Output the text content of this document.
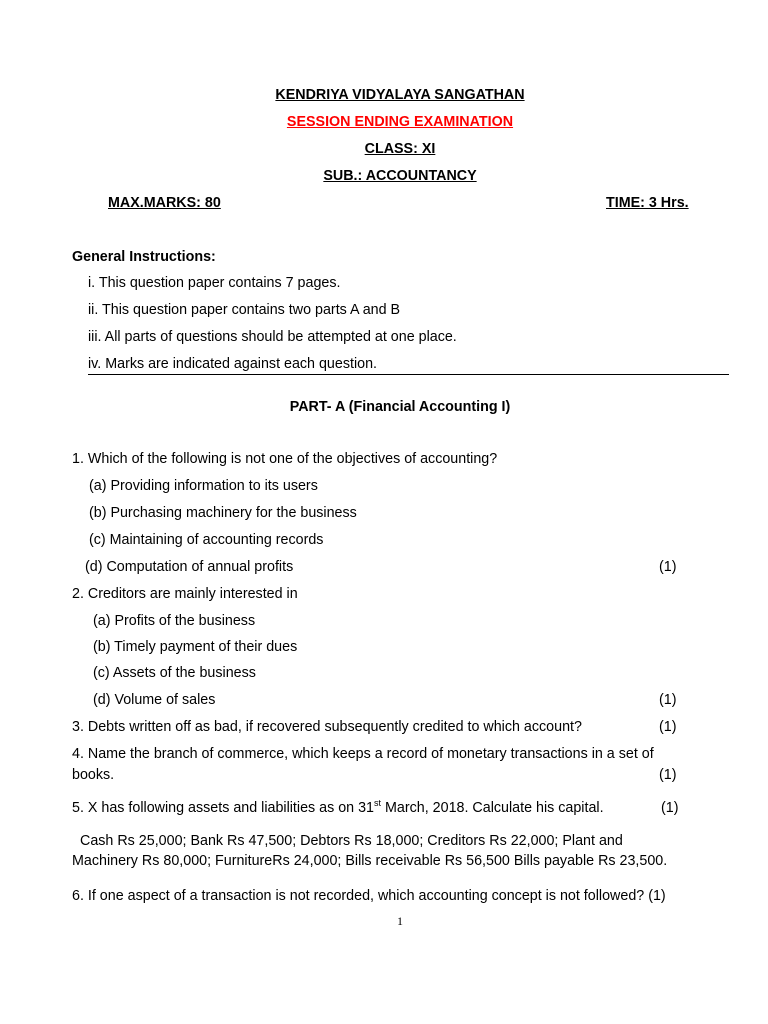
KENDRIYA VIDYALAYA SANGATHAN
SESSION ENDING EXAMINATION
CLASS: XI
SUB.: ACCOUNTANCY
MAX.MARKS: 80	TIME: 3 Hrs.
General Instructions:
i. This question paper contains 7 pages.
ii. This question paper contains two parts A and B
iii. All parts of questions should be attempted at one place.
iv. Marks are indicated against each question.
PART- A (Financial Accounting I)
1. Which of the following is not one of the objectives of accounting?
(a) Providing information to its users
(b) Purchasing machinery for the business
(c) Maintaining of accounting records
(d) Computation of annual profits	(1)
2. Creditors are mainly interested in
(a) Profits of the business
(b) Timely payment of their dues
(c) Assets of the business
(d) Volume of sales	(1)
3. Debts written off as bad, if recovered subsequently credited to which account?	(1)
4. Name the branch of commerce, which keeps a record of monetary transactions in a set of
books.	(1)
5. X has following assets and liabilities as on 31st March, 2018. Calculate his capital.	(1)
Cash Rs 25,000; Bank Rs 47,500; Debtors Rs 18,000; Creditors Rs 22,000; Plant and
Machinery Rs 80,000; FurnitureRs 24,000; Bills receivable Rs 56,500 Bills payable Rs 23,500.
6. If one aspect of a transaction is not recorded, which accounting concept is not followed? (1)
1
